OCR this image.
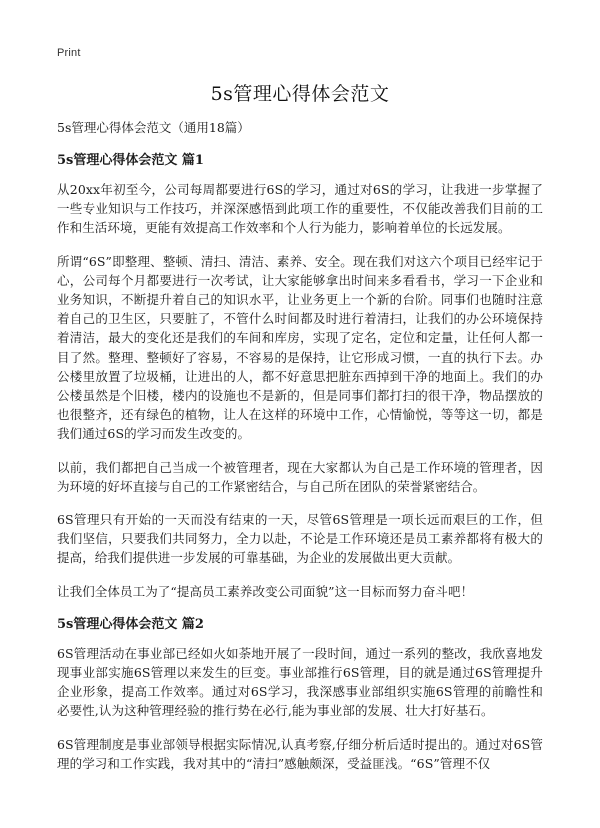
Print
5s管理心得体会范文
5s管理心得体会范文（通用18篇）
5s管理心得体会范文 篇1

从20xx年初至今，公司每周都要进行6S的学习，通过对6S的学习，让我进一步掌握了一些专业知识与工作技巧，并深深感悟到此项工作的重要性，不仅能改善我们目前的工作和生活环境，更能有效提高工作效率和个人行为能力，影响着单位的长远发展。

所谓“6S”即整理、整顿、清扫、清洁、素养、安全。现在我们对这六个项目已经牢记于心，公司每个月都要进行一次考试，让大家能够拿出时间来多看看书，学习一下企业和业务知识，不断提升着自己的知识水平，让业务更上一个新的台阶。同事们也随时注意着自己的卫生区，只要脏了，不管什么时间都及时进行着清扫，让我们的办公环境保持着清洁，最大的变化还是我们的车间和库房，实现了定名，定位和定量，让任何人都一目了然。整理、整顿好了容易，不容易的是保持，让它形成习惯，一直的执行下去。办公楼里放置了垃圾桶，让进出的人，都不好意思把脏东西掉到干净的地面上。我们的办公楼虽然是个旧楼，楼内的设施也不是新的，但是同事们都打扫的很干净，物品摆放的也很整齐，还有绿色的植物，让人在这样的环境中工作，心情愉悦，等等这一切，都是我们通过6S的学习而发生改变的。

以前，我们都把自己当成一个被管理者，现在大家都认为自己是工作环境的管理者，因为环境的好坏直接与自己的工作紧密结合，与自己所在团队的荣誉紧密结合。

6S管理只有开始的一天而没有结束的一天，尽管6S管理是一项长远而艰巨的工作，但我们坚信，只要我们共同努力，全力以赴，不论是工作环境还是员工素养都将有极大的提高，给我们提供进一步发展的可靠基础，为企业的发展做出更大贡献。

让我们全体员工为了“提高员工素养改变公司面貌”这一目标而努力奋斗吧！

5s管理心得体会范文 篇2

6S管理活动在事业部已经如火如荼地开展了一段时间，通过一系列的整改，我欣喜地发现事业部实施6S管理以来发生的巨变。事业部推行6S管理，目的就是通过6S管理提升企业形象，提高工作效率。通过对6S学习，我深感事业部组织实施6S管理的前瞻性和必要性,认为这种管理经验的推行势在必行,能为事业部的发展、壮大打好基石。

6S管理制度是事业部领导根据实际情况,认真考察,仔细分析后适时提出的。通过对6S管理的学习和工作实践，我对其中的“清扫”感触颇深，受益匪浅。“6S”管理不仅
